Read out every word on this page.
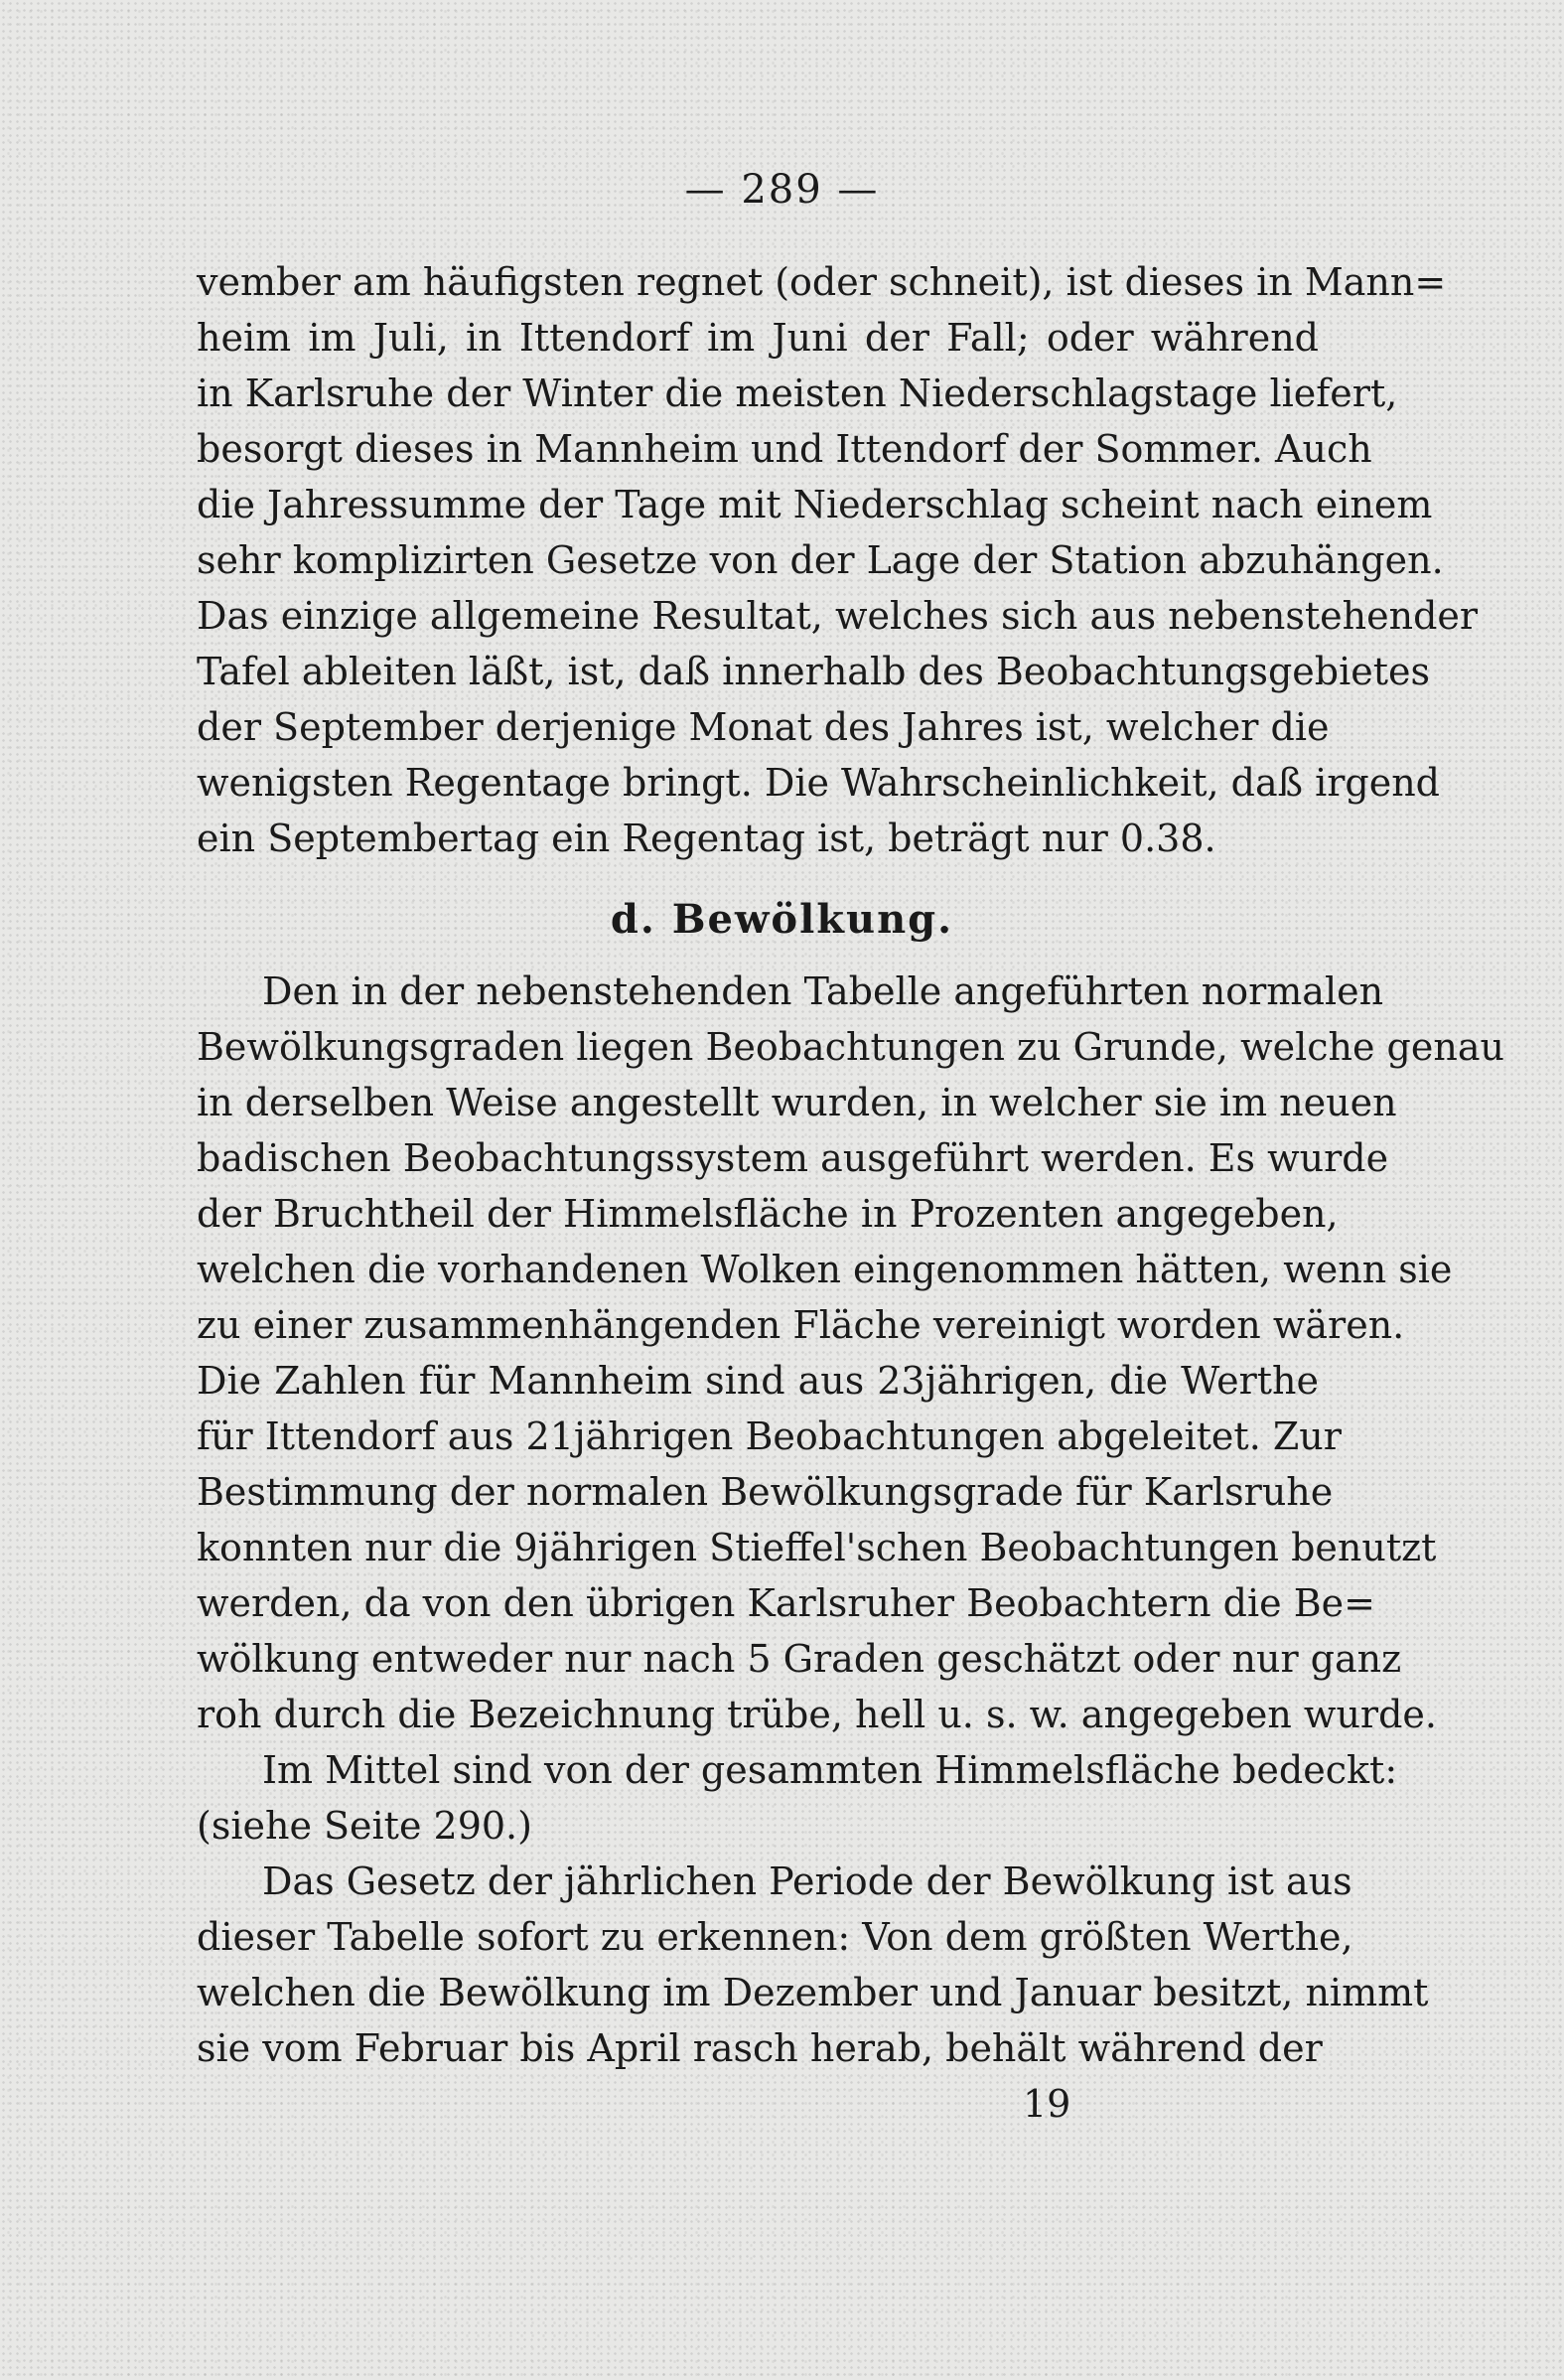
— 289 —
vember am häufigsten regnet (oder schneit), ist dieses in Mann=
heim im Juli, in Ittendorf im Juni der Fall; oder während
in Karlsruhe der Winter die meisten Niederschlagstage liefert,
besorgt dieses in Mannheim und Ittendorf der Sommer. Auch
die Jahressumme der Tage mit Niederschlag scheint nach einem
sehr komplizirten Gesetze von der Lage der Station abzuhängen.
Das einzige allgemeine Resultat, welches sich aus nebenstehender
Tafel ableiten läßt, ist, daß innerhalb des Beobachtungsgebietes
der September derjenige Monat des Jahres ist, welcher die
wenigsten Regentage bringt. Die Wahrscheinlichkeit, daß irgend
ein Septembertag ein Regentag ist, beträgt nur 0.38.
d. Bewölkung.
Den in der nebenstehenden Tabelle angeführten normalen
Bewölkungsgraden liegen Beobachtungen zu Grunde, welche genau
in derselben Weise angestellt wurden, in welcher sie im neuen
badischen Beobachtungssystem ausgeführt werden. Es wurde
der Bruchtheil der Himmelsfläche in Prozenten angegeben,
welchen die vorhandenen Wolken eingenommen hätten, wenn sie
zu einer zusammenhängenden Fläche vereinigt worden wären.
Die Zahlen für Mannheim sind aus 23jährigen, die Werthe
für Ittendorf aus 21jährigen Beobachtungen abgeleitet. Zur
Bestimmung der normalen Bewölkungsgrade für Karlsruhe
konnten nur die 9jährigen Stieffel'schen Beobachtungen benutzt
werden, da von den übrigen Karlsruher Beobachtern die Be=
wölkung entweder nur nach 5 Graden geschätzt oder nur ganz
roh durch die Bezeichnung trübe, hell u. s. w. angegeben wurde.
Im Mittel sind von der gesammten Himmelsfläche bedeckt:
(siehe Seite 290.)
Das Gesetz der jährlichen Periode der Bewölkung ist aus
dieser Tabelle sofort zu erkennen: Von dem größten Werthe,
welchen die Bewölkung im Dezember und Januar besitzt, nimmt
sie vom Februar bis April rasch herab, behält während der
19
